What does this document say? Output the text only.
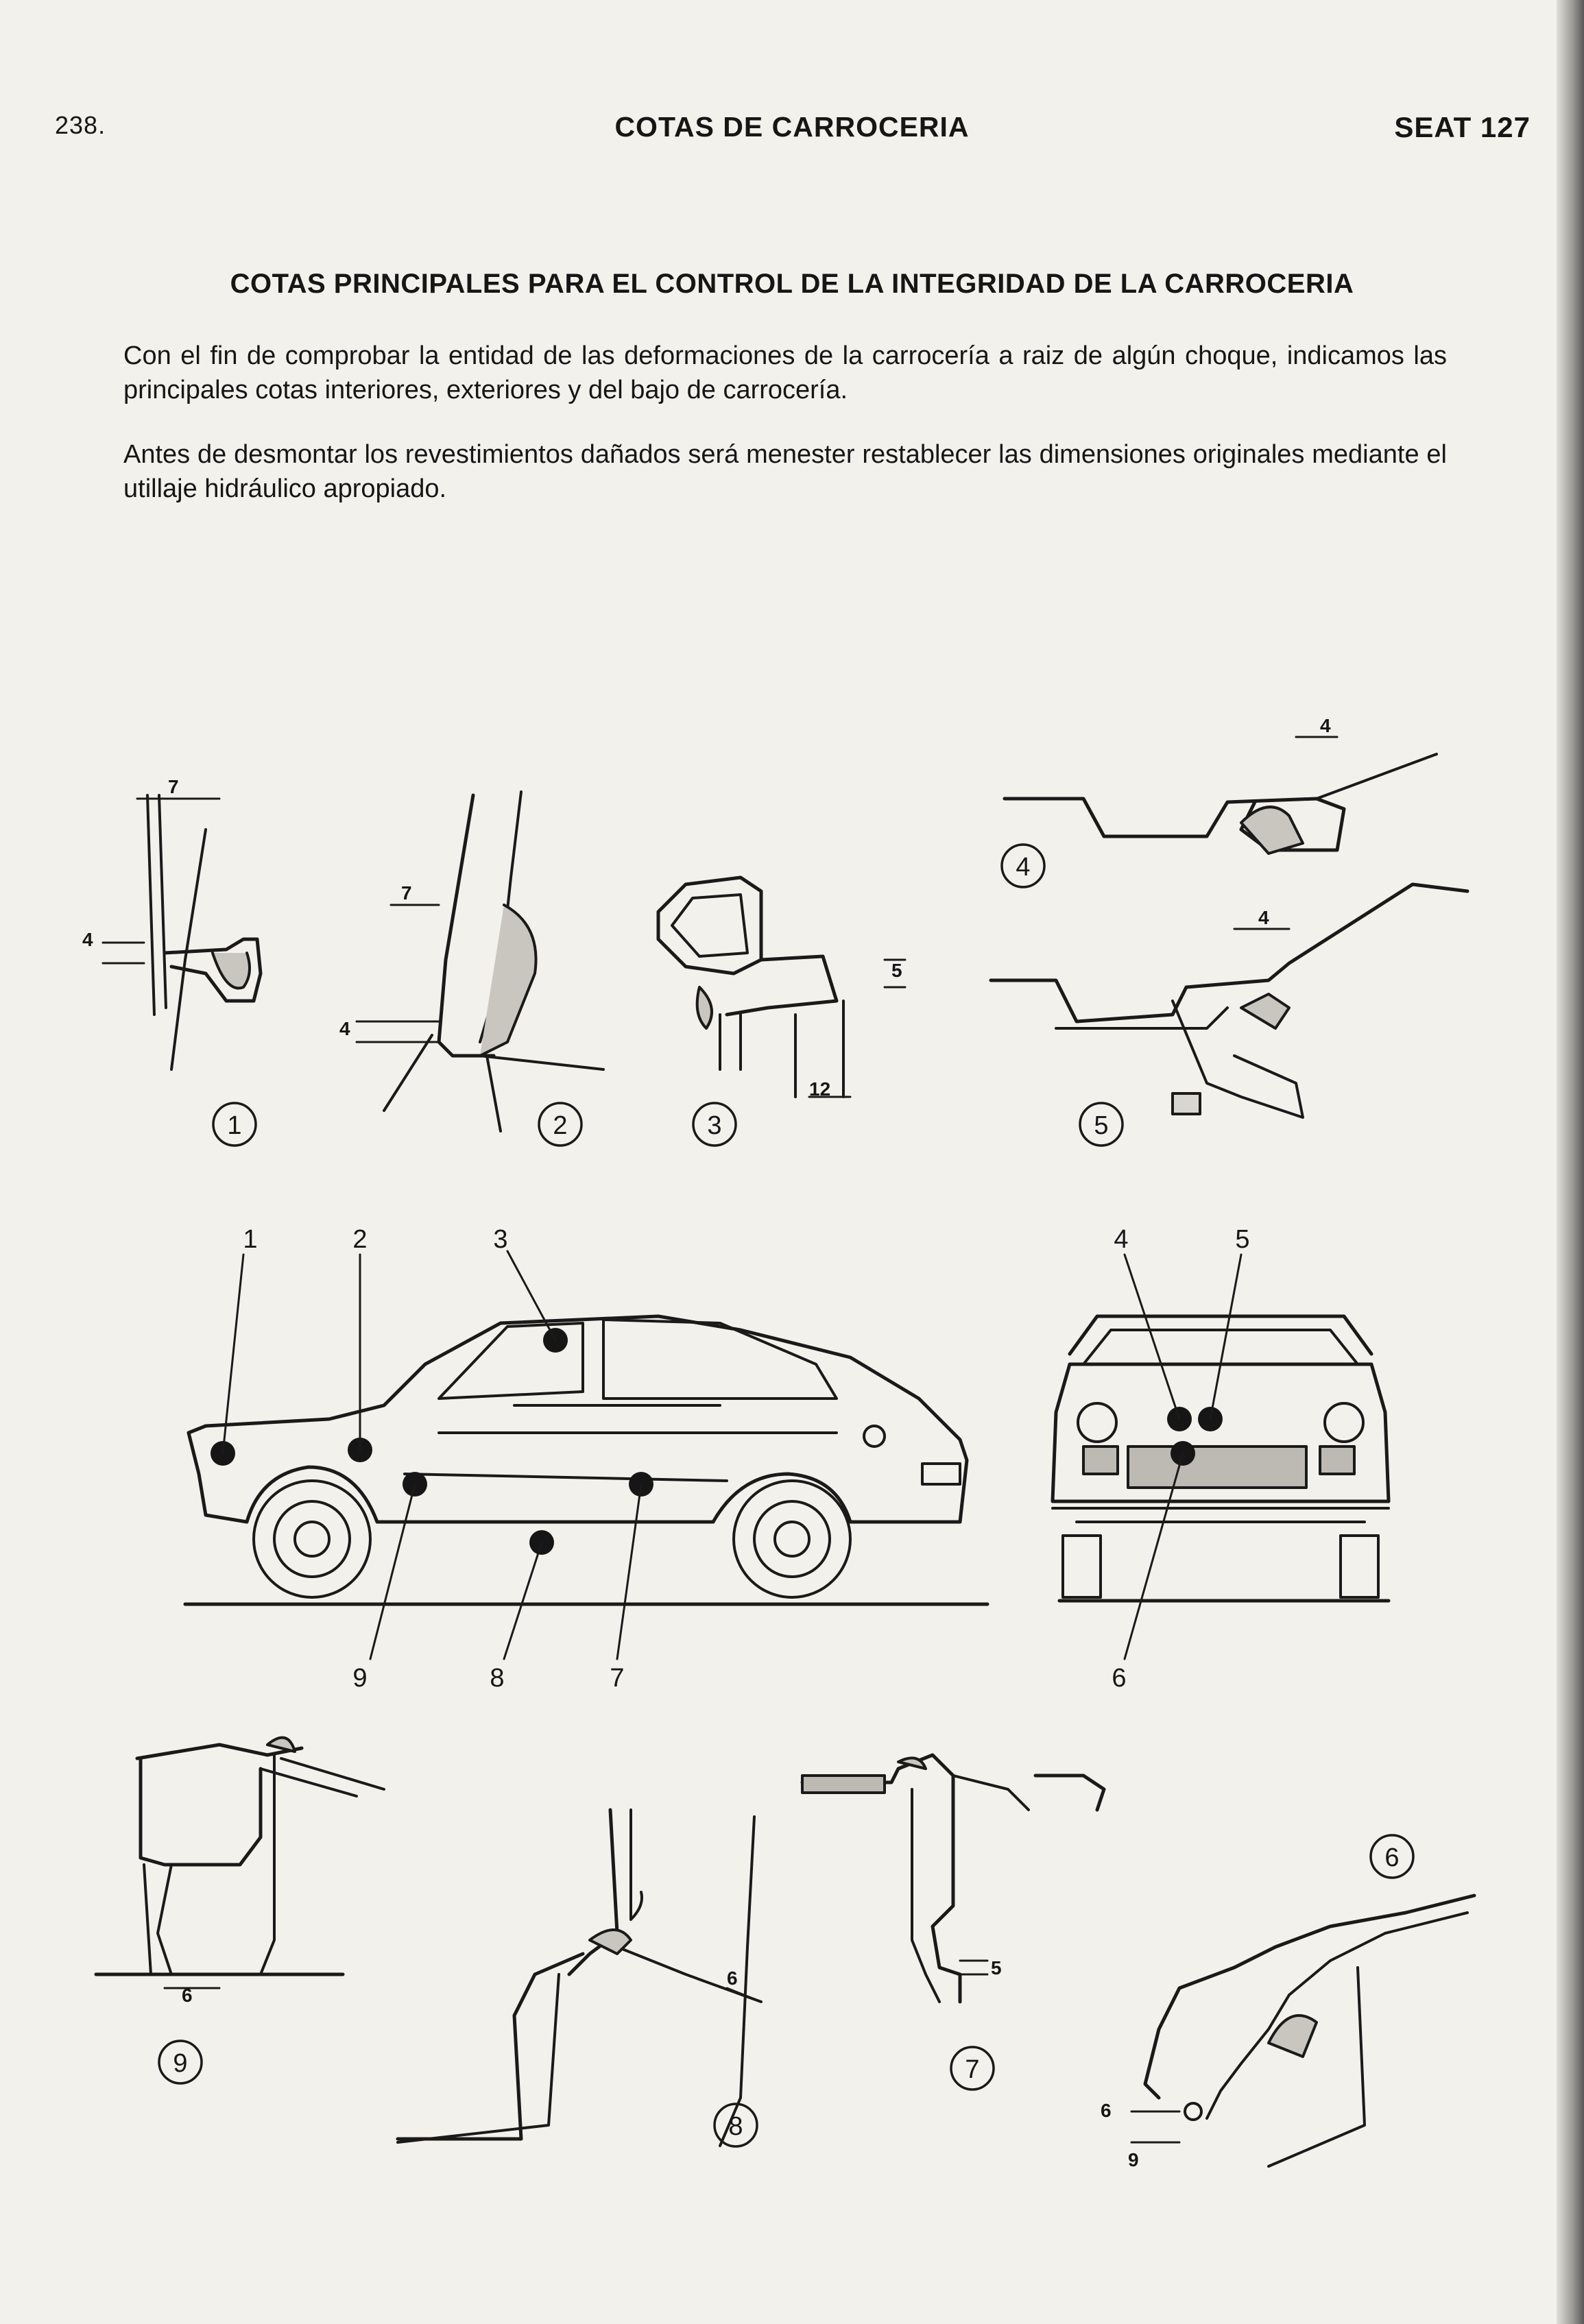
238.	COTAS DE CARROCERIA	SEAT 127
COTAS PRINCIPALES PARA EL CONTROL DE LA INTEGRIDAD DE LA CARROCERIA
Con el fin de comprobar la entidad de las deformaciones de la carrocería a raiz de algún choque, indicamos las principales cotas interiores, exteriores y del bajo de carrocería.
Antes de desmontar los revestimientos dañados será menester restablecer las dimensiones originales mediante el utillaje hidráulico apropiado.
7
4
7
4
12
5
4
4
1	2	3
9	8	7
4	5
6
6
6	5
6
9
1	2	3
4
5
6
7
8
9
